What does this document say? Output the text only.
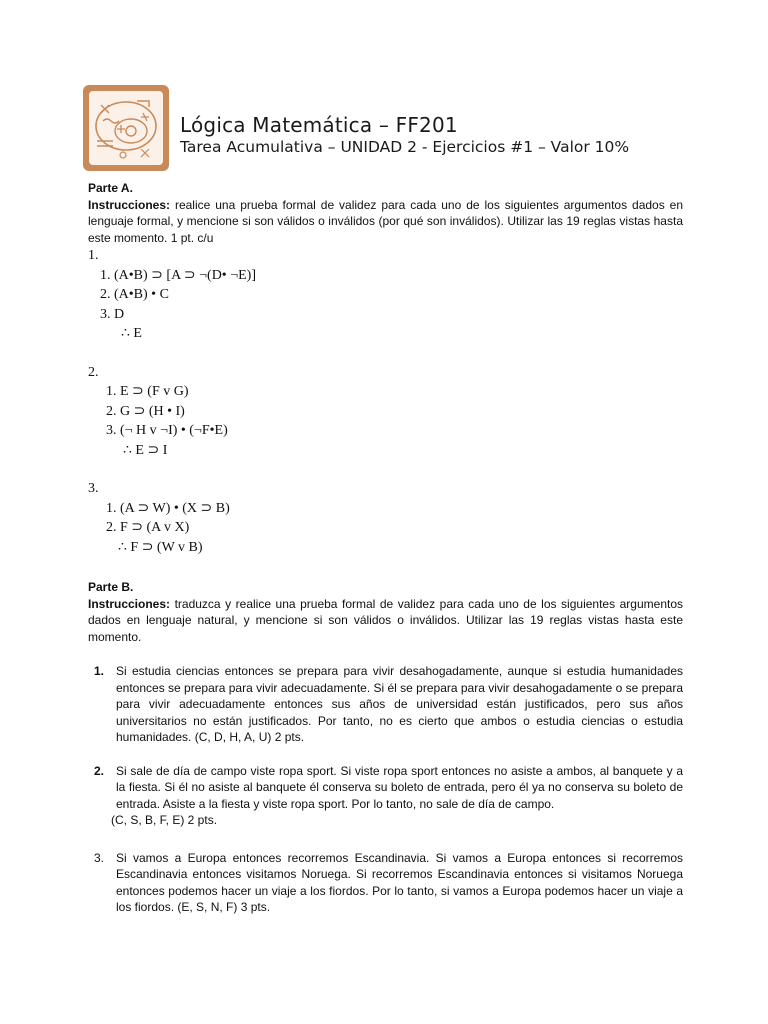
Lógica Matemática – FF201
Tarea Acumulativa – UNIDAD 2 - Ejercicios #1 – Valor 10%

Parte A.

Instrucciones: realice una prueba formal de validez para cada uno de los siguientes argumentos dados en lenguaje formal, y mencione si son válidos o inválidos (por qué son inválidos). Utilizar las 19 reglas vistas hasta este momento. 1 pt. c/u

1.

1. (A•B) ⊃ [A ⊃ ¬(D• ¬E)]

2. (A•B) • C

3. D

∴ E

2.

1. E ⊃ (F v G)

2. G ⊃ (H • I)

3. (¬ H v ¬I) • (¬F•E)

∴ E ⊃ I

3.

1. (A ⊃ W) • (X ⊃ B)

2. F ⊃ (A v X)

∴ F ⊃ (W v B)

Parte B.

Instrucciones: traduzca y realice una prueba formal de validez para cada uno de los siguientes argumentos dados en lenguaje natural, y mencione si son válidos o inválidos. Utilizar las 19 reglas vistas hasta este momento.

1. Si estudia ciencias entonces se prepara para vivir desahogadamente, aunque si estudia humanidades entonces se prepara para vivir adecuadamente. Si él se prepara para vivir desahogadamente o se prepara para vivir adecuadamente entonces sus años de universidad están justificados, pero sus años universitarios no están justificados. Por tanto, no es cierto que ambos o estudia ciencias o estudia humanidades. (C, D, H, A, U) 2 pts.
2. Si sale de día de campo viste ropa sport. Si viste ropa sport entonces no asiste a ambos, al banquete y a la fiesta. Si él no asiste al banquete él conserva su boleto de entrada, pero él ya no conserva su boleto de entrada. Asiste a la fiesta y viste ropa sport. Por lo tanto, no sale de día de campo.

(C, S, B, F, E) 2 pts.

3. Si vamos a Europa entonces recorremos Escandinavia. Si vamos a Europa entonces si recorremos Escandinavia entonces visitamos Noruega. Si recorremos Escandinavia entonces si visitamos Noruega entonces podemos hacer un viaje a los fiordos. Por lo tanto, si vamos a Europa podemos hacer un viaje a los fiordos. (E, S, N, F) 3 pts.
